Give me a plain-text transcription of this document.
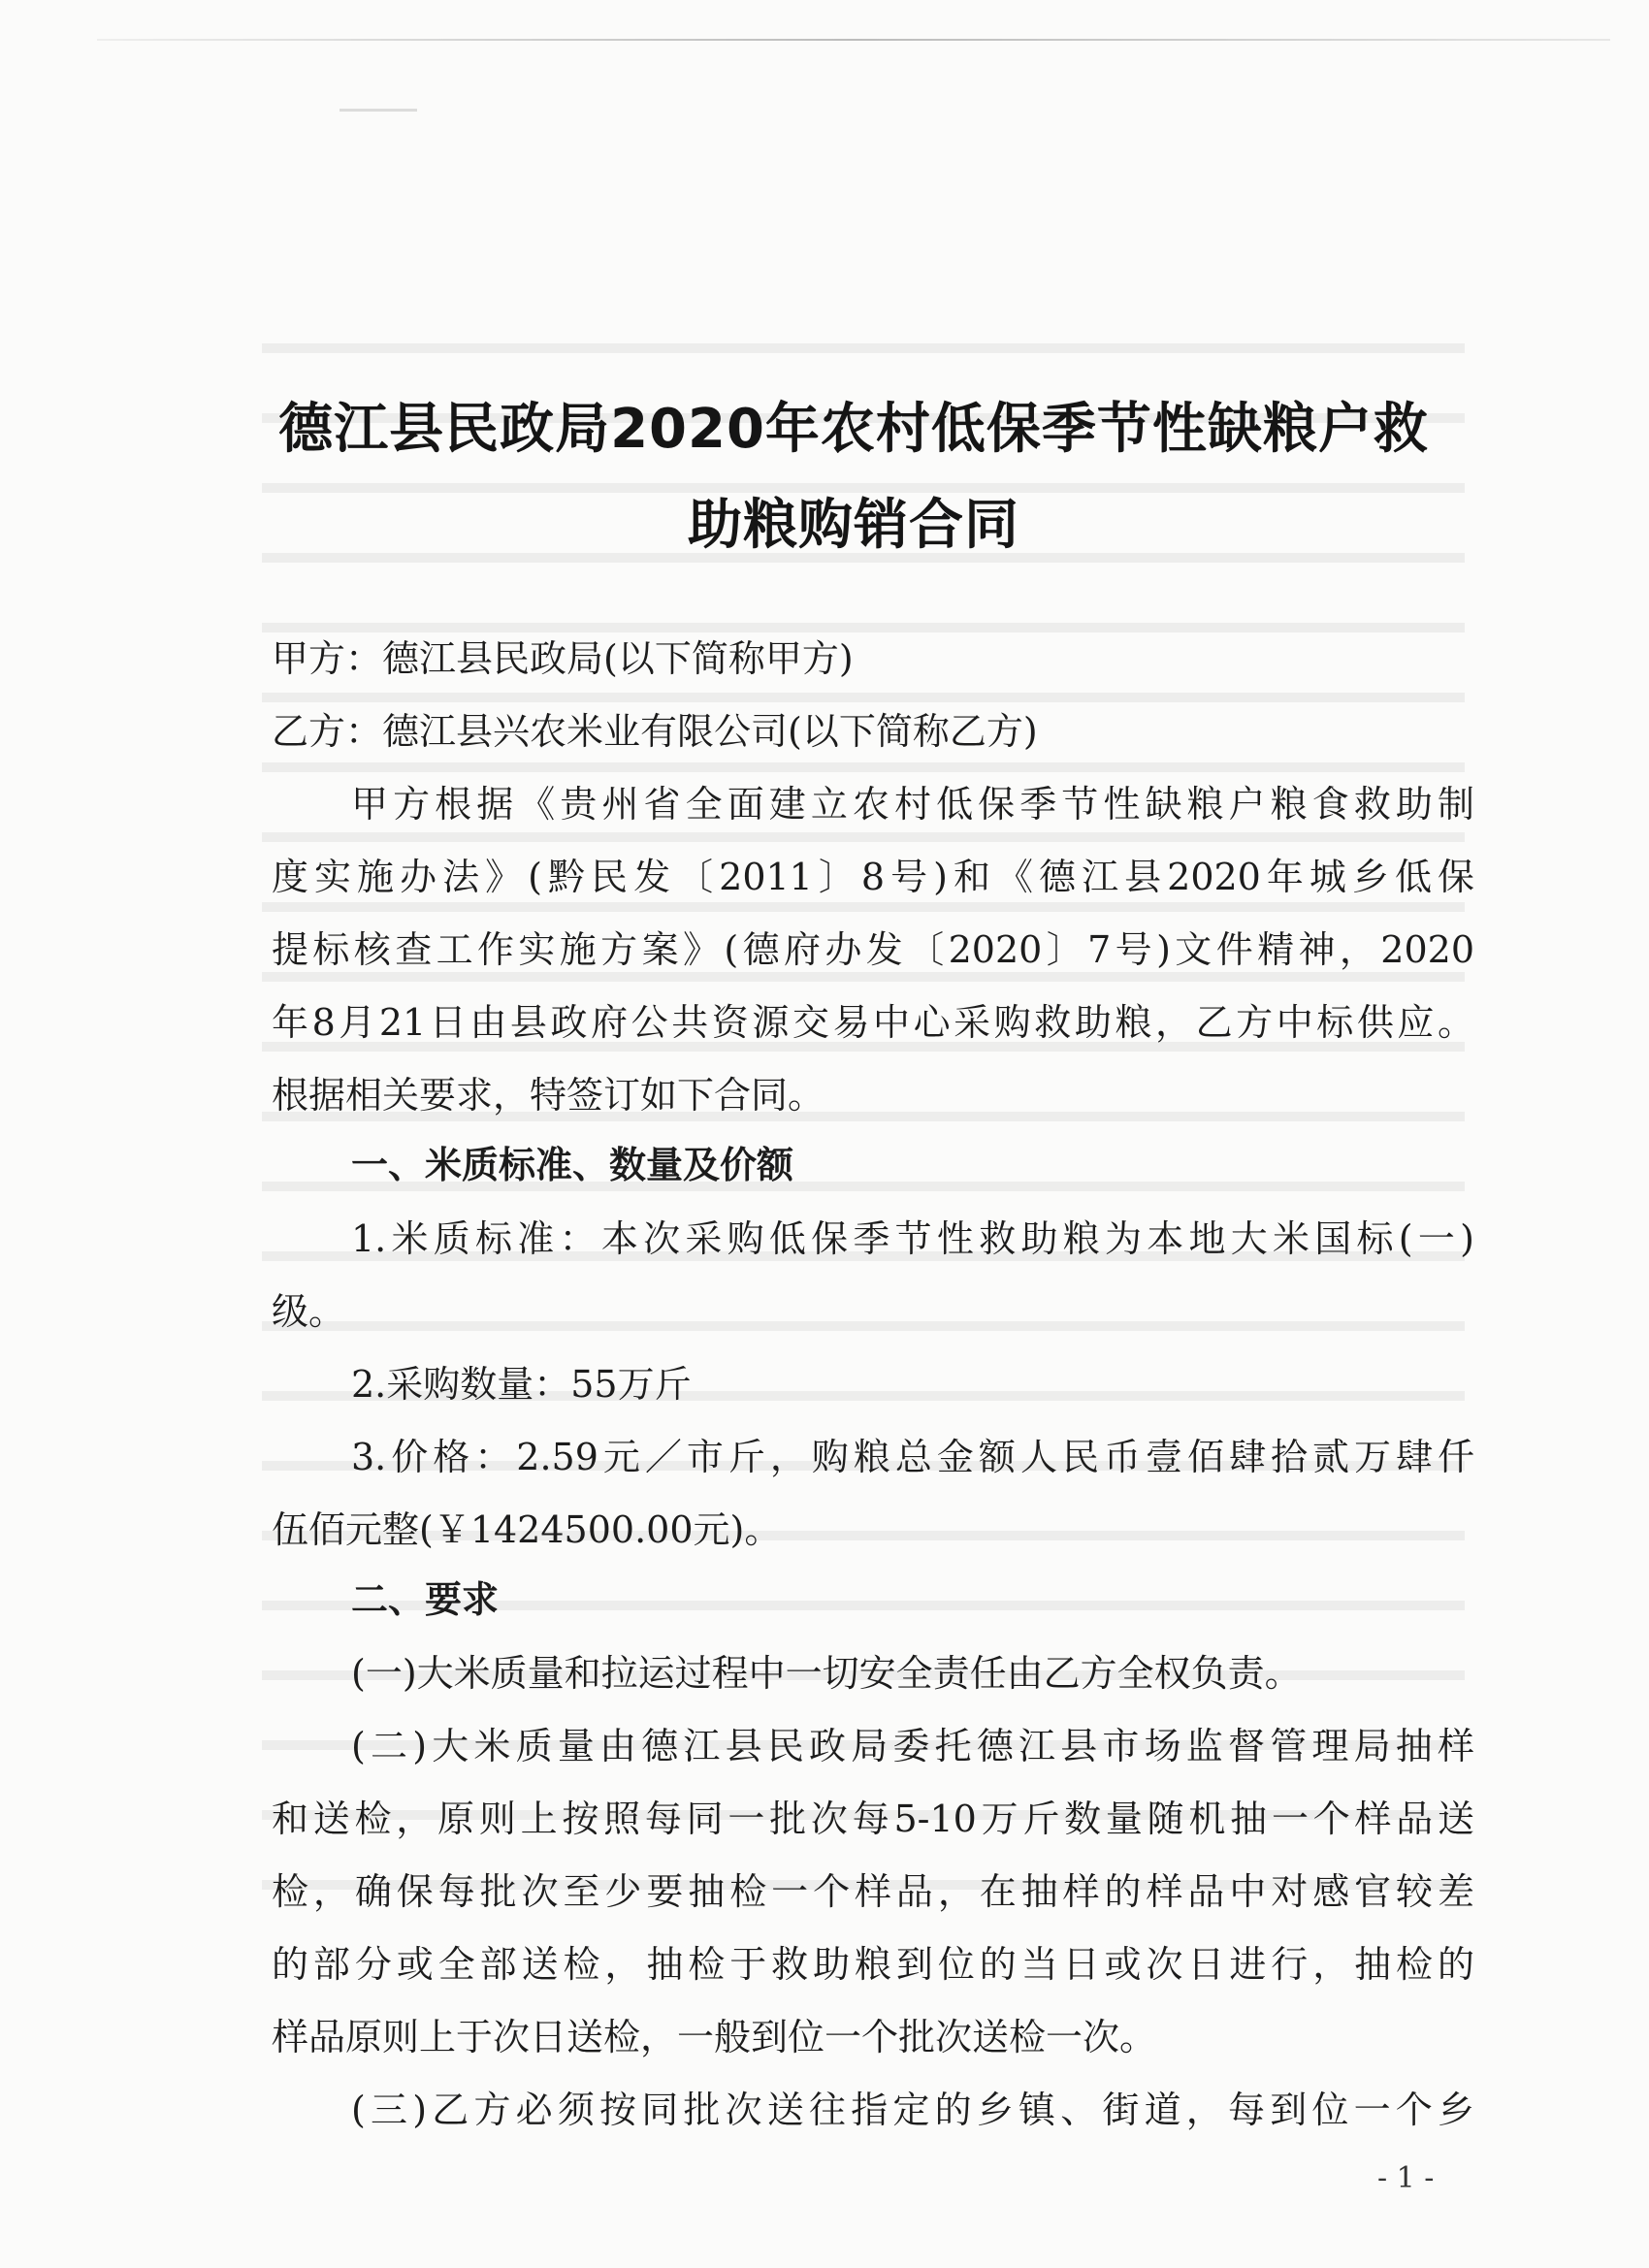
德江县民政局2020年农村低保季节性缺粮户救
助粮购销合同
甲方：德江县民政局(以下简称甲方)
乙方：德江县兴农米业有限公司(以下简称乙方)
甲方根据《贵州省全面建立农村低保季节性缺粮户粮食救助制
度实施办法》(黔民发〔2011〕8号)和《德江县2020年城乡低保
提标核查工作实施方案》(德府办发〔2020〕7号)文件精神，2020
年8月21日由县政府公共资源交易中心采购救助粮，乙方中标供应。
根据相关要求，特签订如下合同。
一、米质标准、数量及价额
1.米质标准：本次采购低保季节性救助粮为本地大米国标(一)
级。
2.采购数量：55万斤
3.价格：2.59元／市斤，购粮总金额人民币壹佰肆拾贰万肆仟
伍佰元整(￥1424500.00元)。
二、要求
(一)大米质量和拉运过程中一切安全责任由乙方全权负责。
(二)大米质量由德江县民政局委托德江县市场监督管理局抽样
和送检，原则上按照每同一批次每5-10万斤数量随机抽一个样品送
检，确保每批次至少要抽检一个样品，在抽样的样品中对感官较差
的部分或全部送检，抽检于救助粮到位的当日或次日进行，抽检的
样品原则上于次日送检，一般到位一个批次送检一次。
(三)乙方必须按同批次送往指定的乡镇、街道，每到位一个乡
- 1 -
